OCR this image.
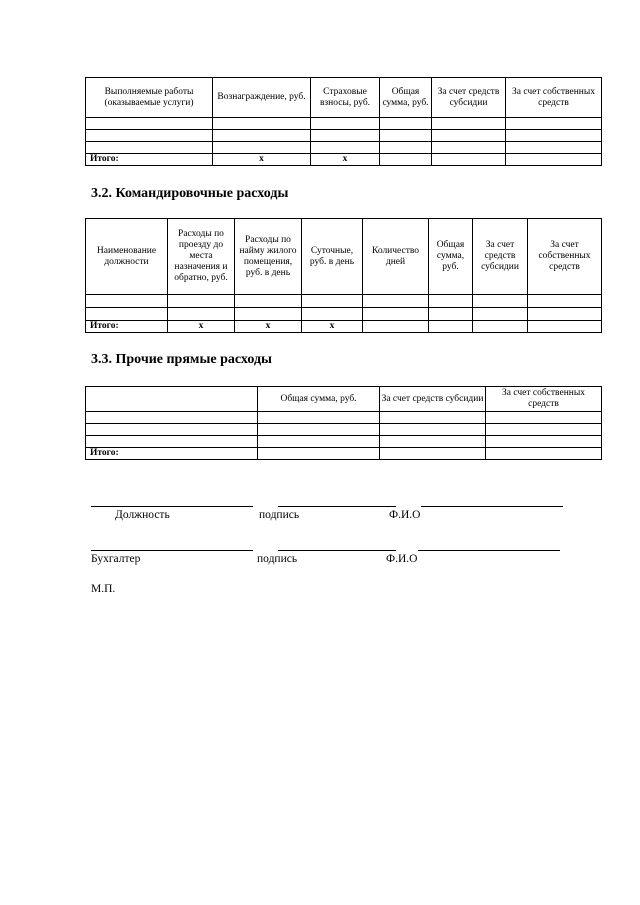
Выполняемые работы (оказываемые услуги)	Вознаграждение, руб.	Страховые взносы, руб.	Общая сумма, руб.	За счет средств субсидии	За счет собственных средств

Итого:	x	x			
3.2. Командировочные расходы
Наименование должности	Расходы по проезду до места назначения и обратно, руб.	Расходы по найму жилого помещения, руб. в день	Суточные, руб. в день	Количество дней	Общая сумма, руб.	За счет средств субсидии	За счет собственных средств

Итого:	x	x	x				
3.3. Прочие прямые расходы
	Общая сумма, руб.	За счет средств субсидии	За счет собственных средств

Итого:			
Должность	подпись	Ф.И.О
Бухгалтер	подпись	Ф.И.О
М.П.
